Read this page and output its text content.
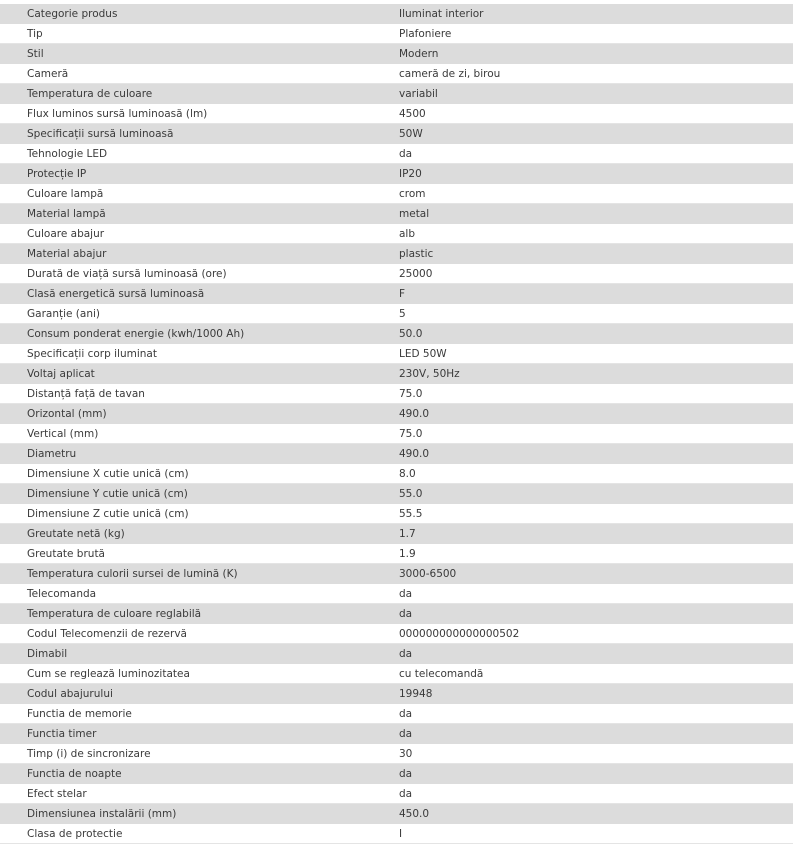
Categorie produs	Iluminat interior
Tip	Plafoniere
Stil	Modern
Cameră	cameră de zi, birou
Temperatura de culoare	variabil
Flux luminos sursă luminoasă (lm)	4500
Specificații sursă luminoasă	50W
Tehnologie LED	da
Protecție IP	IP20
Culoare lampă	crom
Material lampă	metal
Culoare abajur	alb
Material abajur	plastic
Durată de viață sursă luminoasă (ore)	25000
Clasă energetică sursă luminoasă	F
Garanție (ani)	5
Consum ponderat energie (kwh/1000 Ah)	50.0
Specificații corp iluminat	LED 50W
Voltaj aplicat	230V, 50Hz
Distanță față de tavan	75.0
Orizontal (mm)	490.0
Vertical (mm)	75.0
Diametru	490.0
Dimensiune X cutie unică (cm)	8.0
Dimensiune Y cutie unică (cm)	55.0
Dimensiune Z cutie unică (cm)	55.5
Greutate netă (kg)	1.7
Greutate brută	1.9
Temperatura culorii sursei de lumină (K)	3000-6500
Telecomanda	da
Temperatura de culoare reglabilă	da
Codul Telecomenzii de rezervă	000000000000000502
Dimabil	da
Cum se reglează luminozitatea	cu telecomandă
Codul abajurului	19948
Functia de memorie	da
Functia timer	da
Timp (i) de sincronizare	30
Functia de noapte	da
Efect stelar	da
Dimensiunea instalării (mm)	450.0
Clasa de protectie	I
